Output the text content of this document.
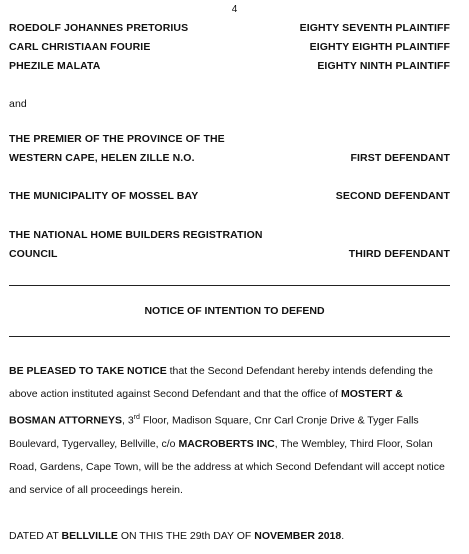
4
ROEDOLF JOHANNES PRETORIUS	EIGHTY SEVENTH PLAINTIFF
CARL CHRISTIAAN FOURIE	EIGHTY EIGHTH PLAINTIFF
PHEZILE MALATA	EIGHTY NINTH PLAINTIFF
and
THE PREMIER OF THE PROVINCE OF THE
WESTERN CAPE, HELEN ZILLE N.O.	FIRST DEFENDANT
THE MUNICIPALITY OF MOSSEL BAY	SECOND DEFENDANT
THE NATIONAL HOME BUILDERS REGISTRATION
COUNCIL	THIRD DEFENDANT
NOTICE OF INTENTION TO DEFEND

BE PLEASED TO TAKE NOTICE that the Second Defendant hereby intends defending the above action instituted against Second Defendant and that the office of MOSTERT & BOSMAN ATTORNEYS, 3rd Floor, Madison Square, Cnr Carl Cronje Drive & Tyger Falls Boulevard, Tygervalley, Bellville, c/o MACROBERTS INC, The Wembley, Third Floor, Solan Road, Gardens, Cape Town, will be the address at which Second Defendant will accept notice and service of all proceedings herein.

DATED AT BELLVILLE ON THIS THE 29th DAY OF NOVEMBER 2018.
